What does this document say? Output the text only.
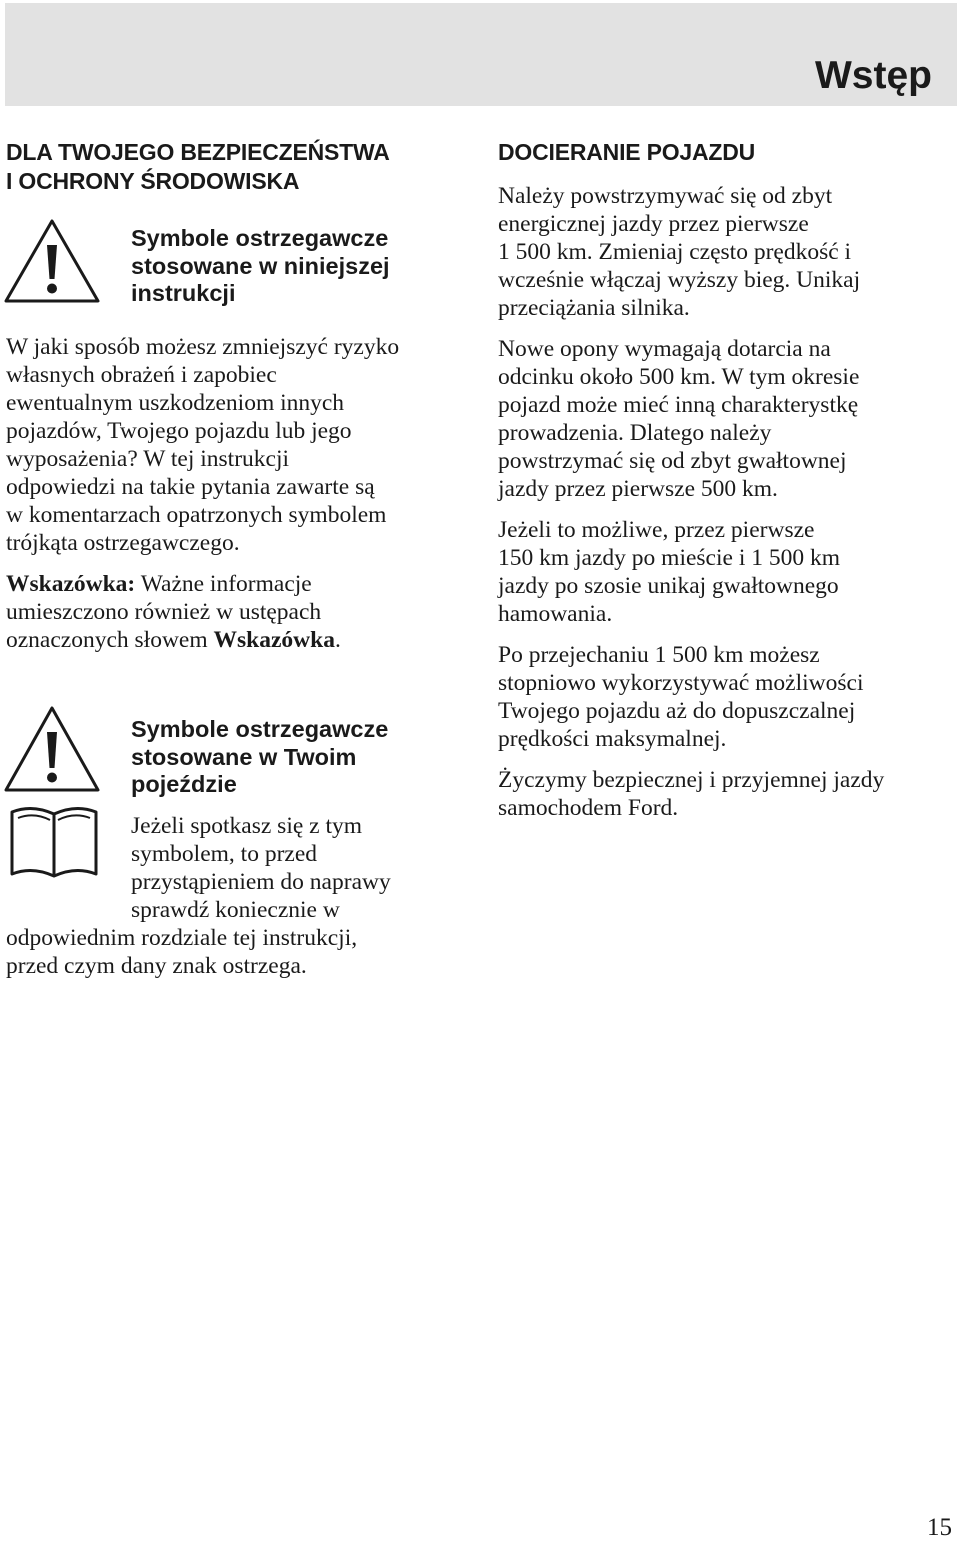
Wstęp
DLA TWOJEGO BEZPIECZEŃSTWA
I OCHRONY ŚRODOWISKA
Symbole ostrzegawcze
stosowane w niniejszej
instrukcji

W jaki sposób możesz zmniejszyć ryzyko
własnych obrażeń i zapobiec
ewentualnym uszkodzeniom innych
pojazdów, Twojego pojazdu lub jego
wyposażenia? W tej instrukcji
odpowiedzi na takie pytania zawarte są
w komentarzach opatrzonych symbolem
trójkąta ostrzegawczego.

Wskazówka: Ważne informacje
umieszczono również w ustępach
oznaczonych słowem Wskazówka.

Symbole ostrzegawcze
stosowane w Twoim
pojeździe

Jeżeli spotkasz się z tym
symbolem, to przed
przystąpieniem do naprawy
sprawdź koniecznie w
odpowiednim rozdziale tej instrukcji,
przed czym dany znak ostrzega.

DOCIERANIE POJAZDU

Należy powstrzymywać się od zbyt
energicznej jazdy przez pierwsze
1 500 km. Zmieniaj często prędkość i
wcześnie włączaj wyższy bieg. Unikaj
przeciążania silnika.

Nowe opony wymagają dotarcia na
odcinku około 500 km. W tym okresie
pojazd może mieć inną charakterystkę
prowadzenia. Dlatego należy
powstrzymać się od zbyt gwałtownej
jazdy przez pierwsze 500 km.

Jeżeli to możliwe, przez pierwsze
150 km jazdy po mieście i 1 500 km
jazdy po szosie unikaj gwałtownego
hamowania.

Po przejechaniu 1 500 km możesz
stopniowo wykorzystywać możliwości
Twojego pojazdu aż do dopuszczalnej
prędkości maksymalnej.

Życzymy bezpiecznej i przyjemnej jazdy
samochodem Ford.

15
